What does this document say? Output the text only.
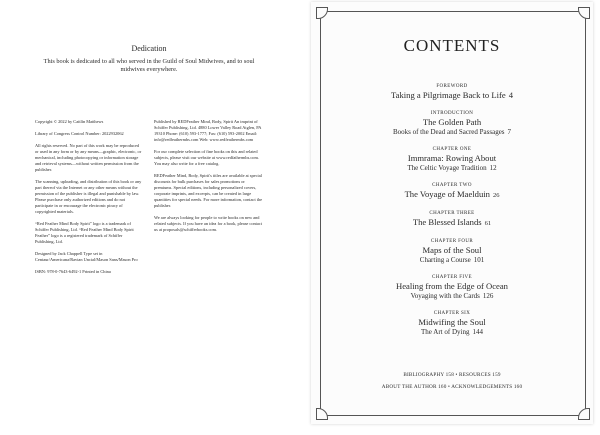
Dedication
This book is dedicated to all who served in the Guild of Soul Midwives, and to soul midwives everywhere.

Copyright © 2022 by Caitlín Matthews

Library of Congress Control Number: 2022932062

All rights reserved. No part of this work may be reproduced or used in any form or by any means—graphic, electronic, or mechanical, including photocopying or information storage and retrieval systems—without written permission from the publisher.

The scanning, uploading, and distribution of this book or any part thereof via the Internet or any other means without the permission of the publisher is illegal and punishable by law. Please purchase only authorized editions and do not participate in or encourage the electronic piracy of copyrighted materials.

“Red Feather Mind Body Spirit” logo is a trademark of Schiffer Publishing, Ltd. “Red Feather Mind Body Spirit Feather” logo is a registered trademark of Schiffer Publishing, Ltd.

Designed by Jack Chappell Type set in Centaur/Americana/Ravian Uncial/Mason Sans/Mason Pro

ISBN: 978-0-7643-6492-1 Printed in China

Published by REDFeather Mind, Body, Spirit An imprint of Schiffer Publishing, Ltd. 4880 Lower Valley Road Atglen, PA 19310 Phone: (610) 593-1777; Fax: (610) 593-2002 Email: info@redfeathermbs.com Web: www.redfeathermbs.com

For our complete selection of fine books on this and related subjects, please visit our website at www.redfathermbs.com. You may also write for a free catalog.

REDFeather Mind, Body, Spirit's titles are available at special discounts for bulk purchases for sales promotions or premiums. Special editions, including personalized covers, corporate imprints, and excerpts, can be created in large quantities for special needs. For more information, contact the publisher.

We are always looking for people to write books on new and related subjects. If you have an idea for a book, please contact us at proposals@schifferbooks.com.

CONTENTS
FOREWORD
Taking a Pilgrimage Back to Life 4
INTRODUCTION
The Golden Path
Books of the Dead and Sacred Passages 7
CHAPTER ONE
Immrama: Rowing About
The Celtic Voyage Tradition 12
CHAPTER TWO
The Voyage of Maelduin 26
CHAPTER THREE
The Blessed Islands 61
CHAPTER FOUR
Maps of the Soul
Charting a Course 101
CHAPTER FIVE
Healing from the Edge of Ocean
Voyaging with the Cards 126
CHAPTER SIX
Midwifing the Soul
The Art of Dying 144
BIBLIOGRAPHY 158 • RESOURCES 159
ABOUT THE AUTHOR 160 • ACKNOWLEDGEMENTS 160
